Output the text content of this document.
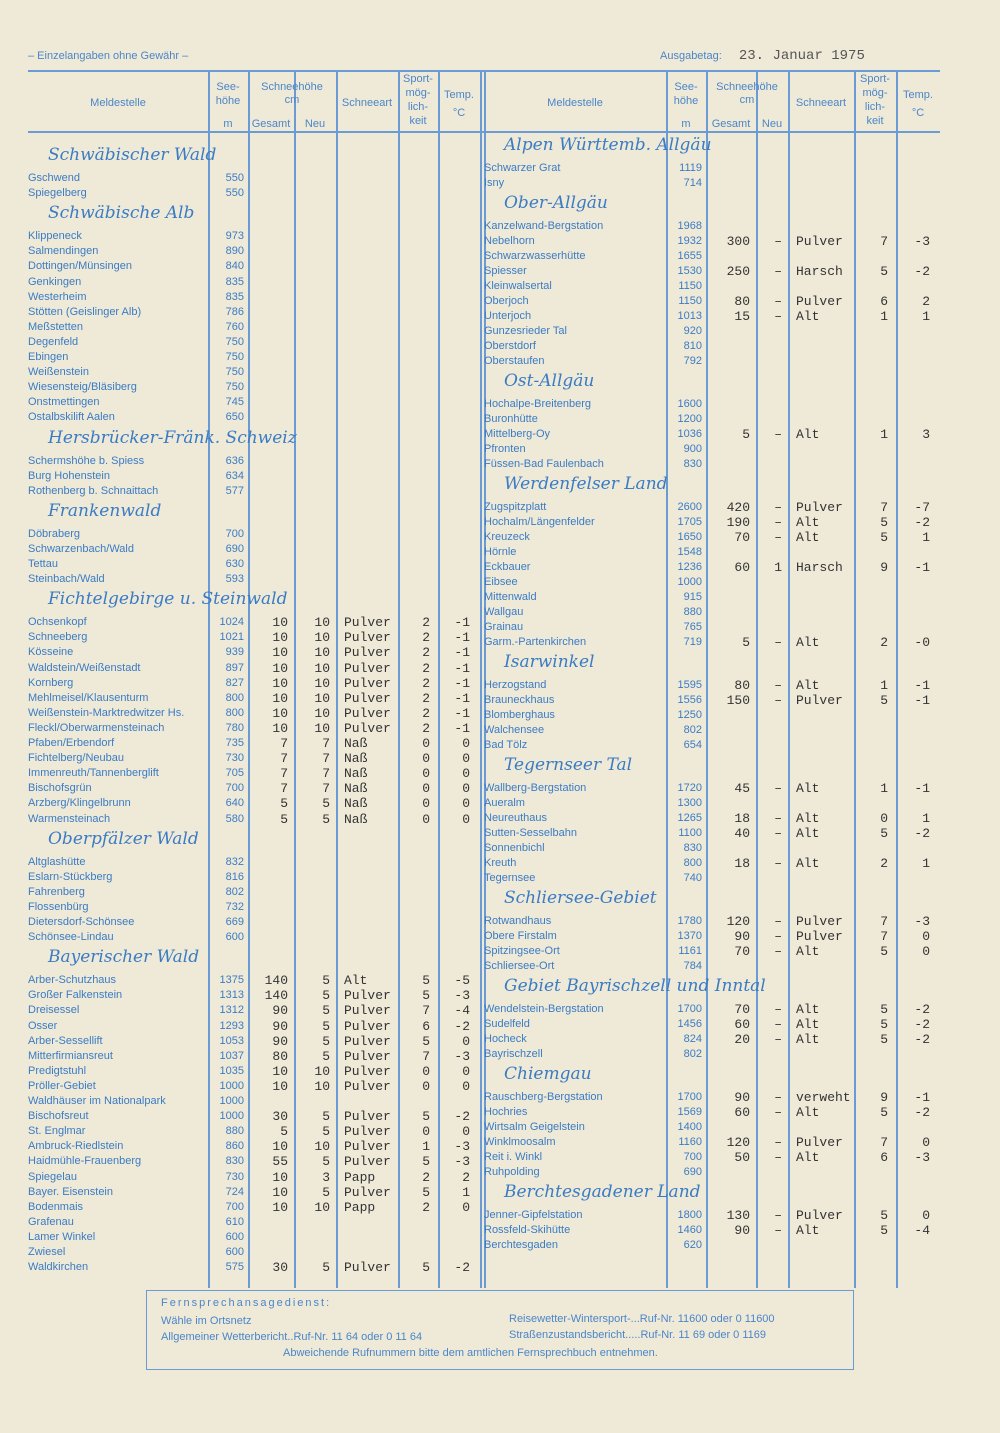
– Einzelangaben ohne Gewähr –	Ausgabetag: 23. Januar 1975
Meldestelle
See- höhe
m
Schneehöhe
cm
Gesamt	Neu
Schneeart
Sport-
mög-
lich-
keit
Temp.
°C
Meldestelle
See- höhe
m
Schneehöhe
cm
Gesamt	Neu
Schneeart
Sport-
mög-
lich-
keit
Temp.
°C
Schwäbischer Wald
Gschwend	550
Spiegelberg	550
Schwäbische Alb
Klippeneck	973
Salmendingen	890
Dottingen/Münsingen	840
Genkingen	835
Westerheim	835
Stötten (Geislinger Alb)	786
Meßstetten	760
Degenfeld	750
Ebingen	750
Weißenstein	750
Wiesensteig/Bläsiberg	750
Onstmettingen	745
Ostalbskilift Aalen	650
Hersbrücker-Fränk. Schweiz
Schermshöhe b. Spiess	636
Burg Hohenstein	634
Rothenberg b. Schnaittach	577
Frankenwald
Döbraberg	700
Schwarzenbach/Wald	690
Tettau	630
Steinbach/Wald	593
Fichtelgebirge u. Steinwald
Ochsenkopf	1024	10	10 Pulver	2	-1
Schneeberg	1021	10	10 Pulver	2	-1
Kösseine	939	10	10 Pulver	2	-1
Waldstein/Weißenstadt	897	10	10 Pulver	2	-1
Kornberg	827	10	10 Pulver	2	-1
Mehlmeisel/Klausenturm	800	10	10 Pulver	2	-1
Weißenstein-Marktredwitzer Hs.	800	10	10 Pulver	2	-1
Fleckl/Oberwarmensteinach	780	10	10 Pulver	2	-1
Pfaben/Erbendorf	735	7	7 Naß	0	0
Fichtelberg/Neubau	730	7	7 Naß	0	0
Immenreuth/Tannenberglift	705	7	7 Naß	0	0
Bischofsgrün	700	7	7 Naß	0	0
Arzberg/Klingelbrunn	640	5	5 Naß	0	0
Warmensteinach	580	5	5 Naß	0	0
Oberpfälzer Wald
Altglashütte	832
Eslarn-Stückberg	816
Fahrenberg	802
Flossenbürg	732
Dietersdorf-Schönsee	669
Schönsee-Lindau	600
Bayerischer Wald
Arber-Schutzhaus	1375	140	5 Alt	5	-5
Großer Falkenstein	1313	140	5 Pulver	5	-3
Dreisessel	1312	90	5 Pulver	7	-4
Osser	1293	90	5 Pulver	6	-2
Arber-Sessellift	1053	90	5 Pulver	5	0
Mitterfirmiansreut	1037	80	5 Pulver	7	-3
Predigtstuhl	1035	10	10 Pulver	0	0
Pröller-Gebiet	1000	10	10 Pulver	0	0
Waldhäuser im Nationalpark	1000
Bischofsreut	1000	30	5 Pulver	5	-2
St. Englmar	880	5	5 Pulver	0	0
Ambruck-Riedlstein	860	10	10 Pulver	1	-3
Haidmühle-Frauenberg	830	55	5 Pulver	5	-3
Spiegelau	730	10	3 Papp	2	2
Bayer. Eisenstein	724	10	5 Pulver	5	1
Bodenmais	700	10	10 Papp	2	0
Grafenau	610
Lamer Winkel	600
Zwiesel	600
Waldkirchen	575	30	5 Pulver	5	-2
Alpen Württemb. Allgäu
Schwarzer Grat	1119
Isny	714
Ober-Allgäu
Kanzelwand-Bergstation	1968
Nebelhorn	1932	300	– Pulver	7	-3
Schwarzwasserhütte	1655
Spiesser	1530	250	– Harsch	5	-2
Kleinwalsertal	1150
Oberjoch	1150	80	– Pulver	6	2
Unterjoch	1013	15	– Alt	1	1
Gunzesrieder Tal	920
Oberstdorf	810
Oberstaufen	792
Ost-Allgäu
Hochalpe-Breitenberg	1600
Buronhütte	1200
Mittelberg-Oy	1036	5	– Alt	1	3
Pfronten	900
Füssen-Bad Faulenbach	830
Werdenfelser Land
Zugspitzplatt	2600	420	– Pulver	7	-7
Hochalm/Längenfelder	1705	190	– Alt	5	-2
Kreuzeck	1650	70	– Alt	5	1
Hörnle	1548
Eckbauer	1236	60	1 Harsch	9	-1
Eibsee	1000
Mittenwald	915
Wallgau	880
Grainau	765
Garm.-Partenkirchen	719	5	– Alt	2	-0
Isarwinkel
Herzogstand	1595	80	– Alt	1	-1
Brauneckhaus	1556	150	– Pulver	5	-1
Blomberghaus	1250
Walchensee	802
Bad Tölz	654
Tegernseer Tal
Wallberg-Bergstation	1720	45	– Alt	1	-1
Aueralm	1300
Neureuthaus	1265	18	– Alt	0	1
Sutten-Sesselbahn	1100	40	– Alt	5	-2
Sonnenbichl	830
Kreuth	800	18	– Alt	2	1
Tegernsee	740
Schliersee-Gebiet
Rotwandhaus	1780	120	– Pulver	7	-3
Obere Firstalm	1370	90	– Pulver	7	0
Spitzingsee-Ort	1161	70	– Alt	5	0
Schliersee-Ort	784
Gebiet Bayrischzell und Inntal
Wendelstein-Bergstation	1700	70	– Alt	5	-2
Sudelfeld	1456	60	– Alt	5	-2
Hocheck	824	20	– Alt	5	-2
Bayrischzell	802
Chiemgau
Rauschberg-Bergstation	1700	90	– verweht	9	-1
Hochries	1569	60	– Alt	5	-2
Wirtsalm Geigelstein	1400
Winklmoosalm	1160	120	– Pulver	7	0
Reit i. Winkl	700	50	– Alt	6	-3
Ruhpolding	690
Berchtesgadener Land
Jenner-Gipfelstation	1800	130	– Pulver	5	0
Rossfeld-Skihütte	1460	90	– Alt	5	-4
Berchtesgaden	620
Fernsprechansagedienst:
Wähle im Ortsnetz	Reisewetter-Wintersport-...Ruf-Nr. 11600 oder 0 11600
Allgemeiner Wetterbericht..Ruf-Nr. 11 64 oder 0 11 64	Straßenzustandsbericht.....Ruf-Nr. 11 69 oder 0 1169
Abweichende Rufnummern bitte dem amtlichen Fernsprechbuch entnehmen.
